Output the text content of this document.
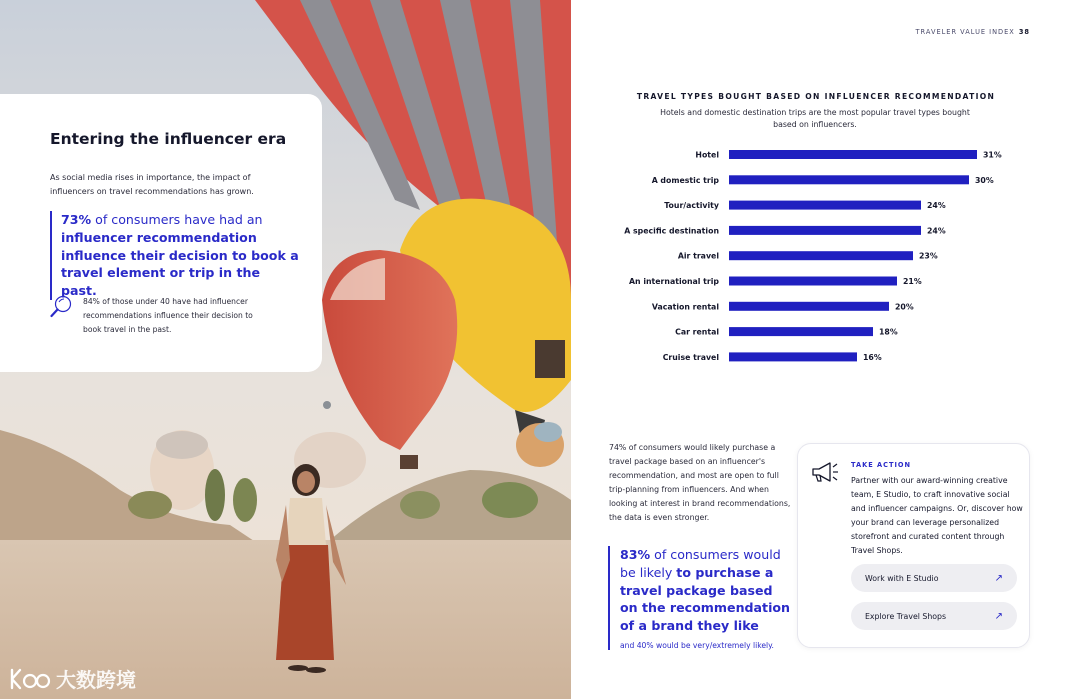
Entering the influencer era
As social media rises in importance, the impact of influencers on travel recommendations has grown.
73% of consumers have had an influencer recommendation influence their decision to book a travel element or trip in the past.
84% of those under 40 have had influencer recommendations influence their decision to book travel in the past.
大数跨境
TRAVELER VALUE INDEX 38
TRAVEL TYPES BOUGHT BASED ON INFLUENCER RECOMMENDATION
Hotels and domestic destination trips are the most popular travel types bought based on influencers.
Hotel	31%
A domestic trip	30%
Tour/activity	24%
A specific destination	24%
Air travel	23%
An international trip	21%
Vacation rental	20%
Car rental	18%
Cruise travel	16%
74% of consumers would likely purchase a travel package based on an influencer's recommendation, and most are open to full trip-planning from influencers. And when looking at interest in brand recommendations, the data is even stronger.
83% of consumers would be likely to purchase a travel package based on the recommendation of a brand they like
and 40% would be very/extremely likely.
TAKE ACTION
Partner with our award-winning creative team, E Studio, to craft innovative social and influencer campaigns. Or, discover how your brand can leverage personalized storefront and curated content through Travel Shops.
Work with E Studio	↗
Explore Travel Shops	↗
